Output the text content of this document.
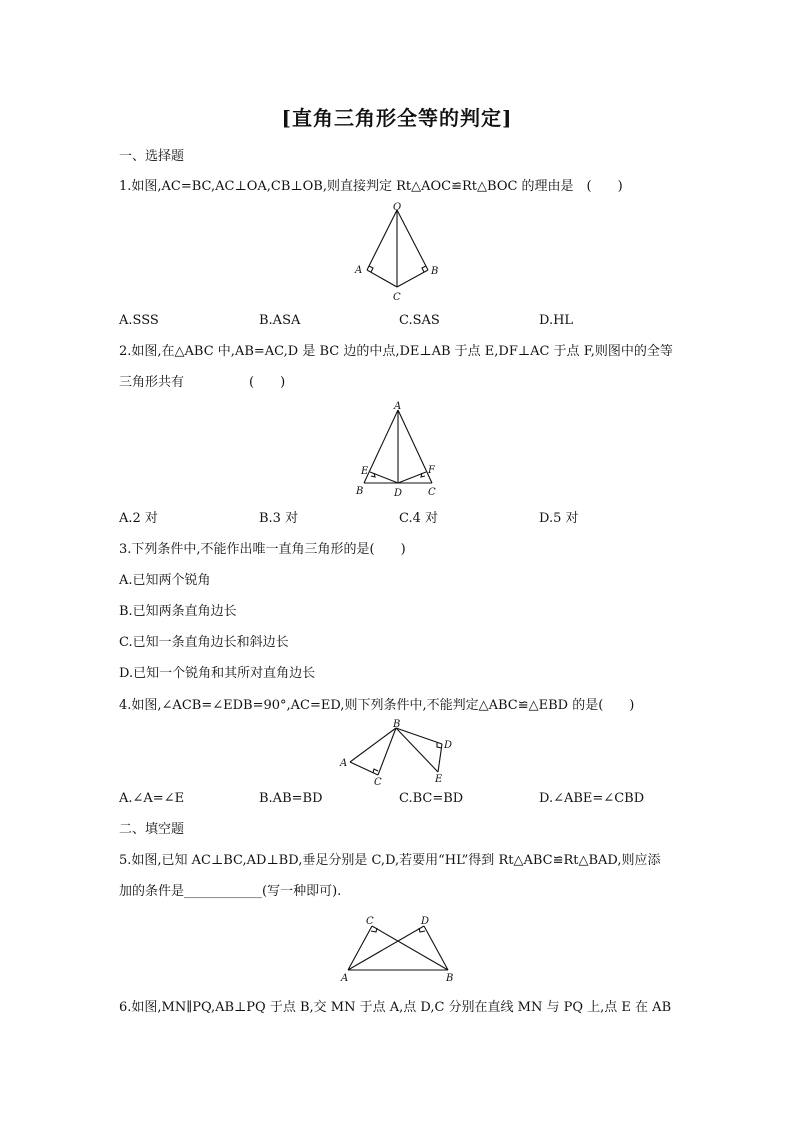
[直角三角形全等的判定]
一、选择题
1.如图,AC=BC,AC⊥OA,CB⊥OB,则直接判定 Rt△AOC≌Rt△BOC 的理由是　(　　)
O
A	B
C
A.SSS	B.ASA	C.SAS	D.HL
2.如图,在△ABC 中,AB=AC,D 是 BC 边的中点,DE⊥AB 于点 E,DF⊥AC 于点 F,则图中的全等
三角形共有　　　　　(　　)
A
E	F
B	D	C
A.2 对	B.3 对	C.4 对	D.5 对
3.下列条件中,不能作出唯一直角三角形的是(　　)
A.已知两个锐角
B.已知两条直角边长
C.已知一条直角边长和斜边长
D.已知一个锐角和其所对直角边长
4.如图,∠ACB=∠EDB=90°,AC=ED,则下列条件中,不能判定△ABC≌△EBD 的是(　　)
B
A
C
D
E
A.∠A=∠E	B.AB=BD	C.BC=BD	D.∠ABE=∠CBD
二、填空题
5.如图,已知 AC⊥BC,AD⊥BD,垂足分别是 C,D,若要用“HL”得到 Rt△ABC≌Rt△BAD,则应添
加的条件是____________(写一种即可).
C	D
A	B
6.如图,MN∥PQ,AB⊥PQ 于点 B,交 MN 于点 A,点 D,C 分别在直线 MN 与 PQ 上,点 E 在 AB
